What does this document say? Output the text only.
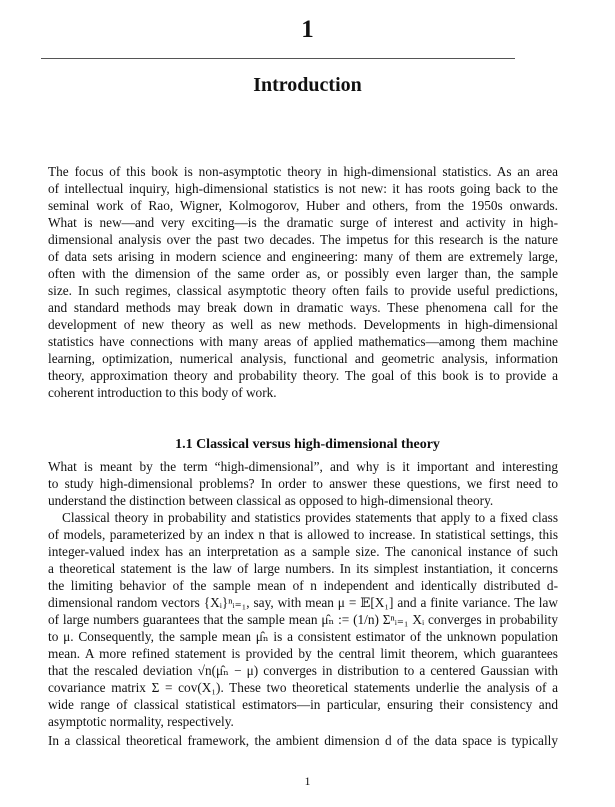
1
Introduction
The focus of this book is non-asymptotic theory in high-dimensional statistics. As an area
of intellectual inquiry, high-dimensional statistics is not new: it has roots going back to the
seminal work of Rao, Wigner, Kolmogorov, Huber and others, from the 1950s onwards.
What is new—and very exciting—is the dramatic surge of interest and activity in high-
dimensional analysis over the past two decades. The impetus for this research is the nature
of data sets arising in modern science and engineering: many of them are extremely large,
often with the dimension of the same order as, or possibly even larger than, the sample
size. In such regimes, classical asymptotic theory often fails to provide useful predictions,
and standard methods may break down in dramatic ways. These phenomena call for the
development of new theory as well as new methods. Developments in high-dimensional
statistics have connections with many areas of applied mathematics—among them machine
learning, optimization, numerical analysis, functional and geometric analysis, information
theory, approximation theory and probability theory. The goal of this book is to provide a
coherent introduction to this body of work.
1.1 Classical versus high-dimensional theory
What is meant by the term “high-dimensional”, and why is it important and interesting
to study high-dimensional problems? In order to answer these questions, we first need to
understand the distinction between classical as opposed to high-dimensional theory.
Classical theory in probability and statistics provides statements that apply to a fixed class
of models, parameterized by an index n that is allowed to increase. In statistical settings, this
integer-valued index has an interpretation as a sample size. The canonical instance of such
a theoretical statement is the law of large numbers. In its simplest instantiation, it concerns
the limiting behavior of the sample mean of n independent and identically distributed d-
dimensional random vectors {Xᵢ}ⁿᵢ₌₁, say, with mean μ = 𝔼[X₁] and a finite variance. The law
of large numbers guarantees that the sample mean μ̂ₙ := (1/n) Σⁿᵢ₌₁ Xᵢ converges in probability
to μ. Consequently, the sample mean μ̂ₙ is a consistent estimator of the unknown population
mean. A more refined statement is provided by the central limit theorem, which guarantees
that the rescaled deviation √n(μ̂ₙ − μ) converges in distribution to a centered Gaussian with
covariance matrix Σ = cov(X₁). These two theoretical statements underlie the analysis of a
wide range of classical statistical estimators—in particular, ensuring their consistency and
asymptotic normality, respectively.
In a classical theoretical framework, the ambient dimension d of the data space is typically
1
